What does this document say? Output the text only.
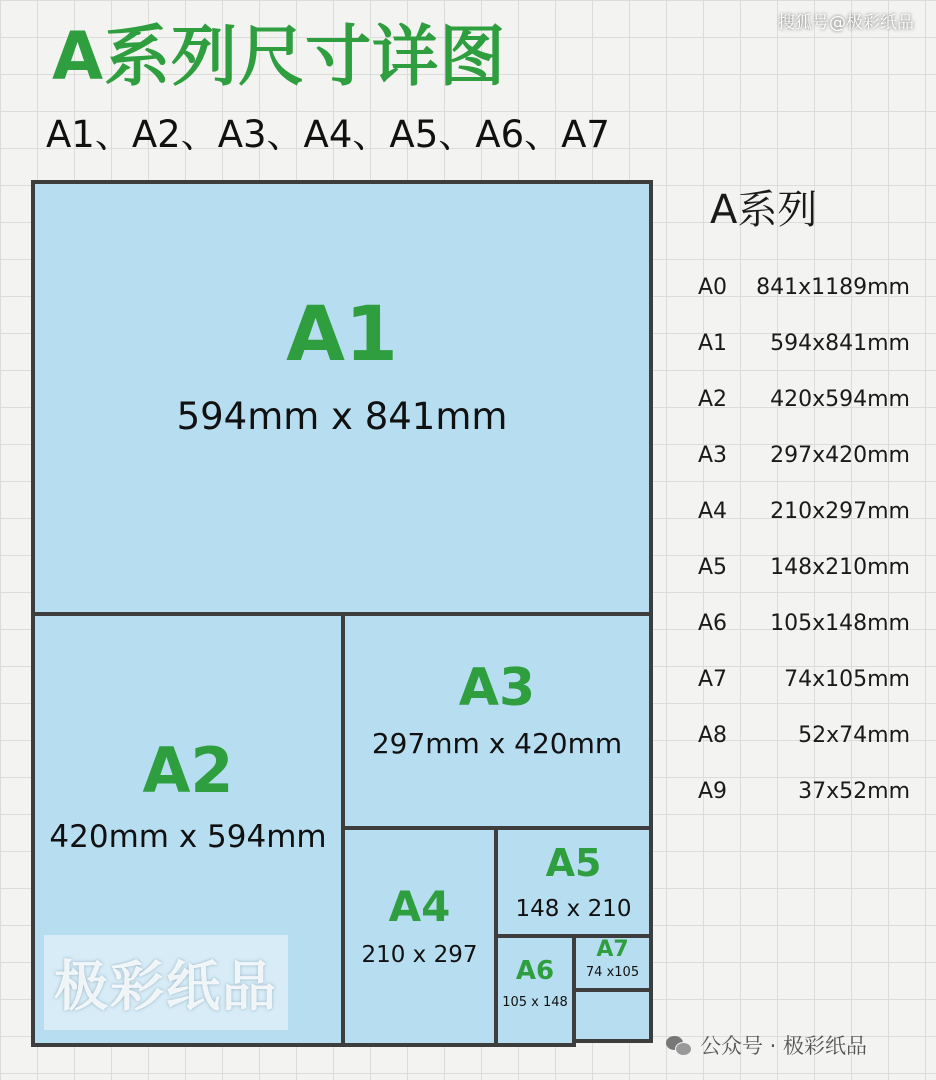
搜狐号@极彩纸品
A系列尺寸详图
A1、A2、A3、A4、A5、A6、A7
A1
594mm x 841mm
A2
420mm x 594mm
A3
297mm x 420mm
A4
210 x 297
A5
148 x 210
A6
105 x 148
A7
74 x105
极彩纸品
A系列
A0 841x1189mm
A1 594x841mm
A2 420x594mm
A3 297x420mm
A4 210x297mm
A5 148x210mm
A6 105x148mm
A7	74x105mm
A8	52x74mm
A9	37x52mm
公众号 · 极彩纸品
